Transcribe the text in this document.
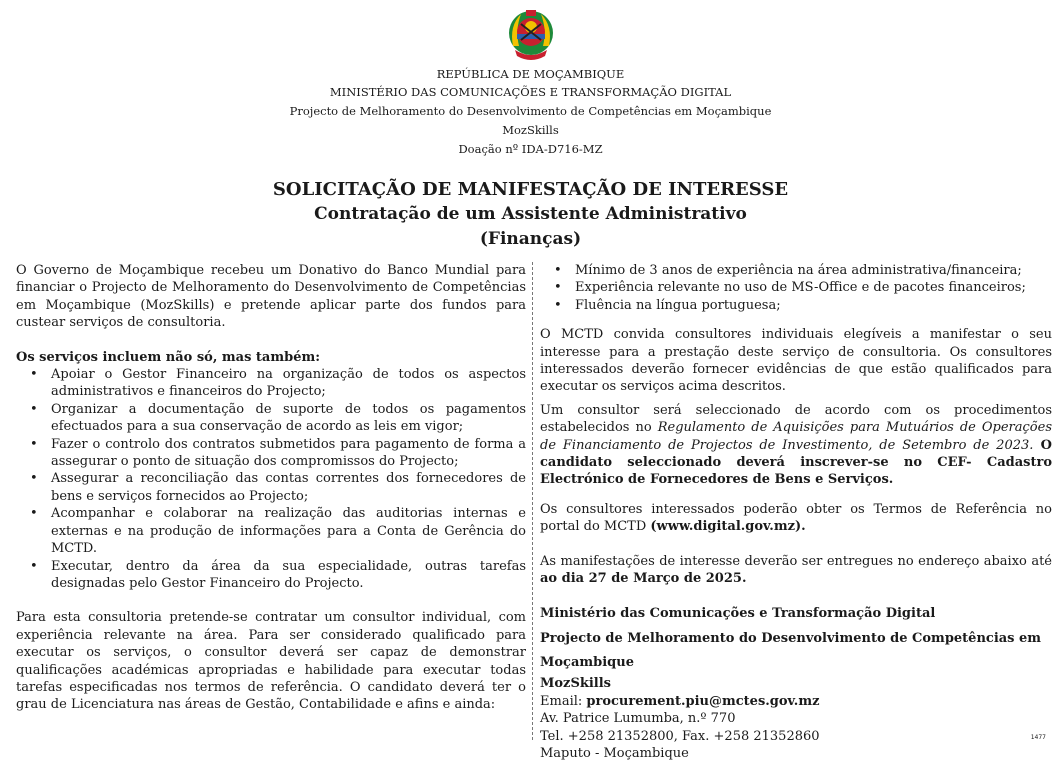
REPÚBLICA DE MOÇAMBIQUE
MINISTÉRIO DAS COMUNICAÇÕES E TRANSFORMAÇÃO DIGITAL
Projecto de Melhoramento do Desenvolvimento de Competências em Moçambique
MozSkills
Doação nº IDA-D716-MZ
SOLICITAÇÃO DE MANIFESTAÇÃO DE INTERESSE
Contratação de um Assistente Administrativo
(Finanças)

O Governo de Moçambique recebeu um Donativo do Banco Mundial para financiar o Projecto de Melhoramento do Desenvolvimento de Competências em Moçambique (MozSkills) e pretende aplicar parte dos fundos para custear serviços de consultoria.

Os serviços incluem não só, mas também:

• Apoiar o Gestor Financeiro na organização de todos os aspectos administrativos e financeiros do Projecto;
• Organizar a documentação de suporte de todos os pagamentos efectuados para a sua conservação de acordo as leis em vigor;
• Fazer o controlo dos contratos submetidos para pagamento de forma a assegurar o ponto de situação dos compromissos do Projecto;
• Assegurar a reconciliação das contas correntes dos fornecedores de bens e serviços fornecidos ao Projecto;
• Acompanhar e colaborar na realização das auditorias internas e externas e na produção de informações para a Conta de Gerência do MCTD.
• Executar, dentro da área da sua especialidade, outras tarefas designadas pelo Gestor Financeiro do Projecto.

Para esta consultoria pretende-se contratar um consultor individual, com experiência relevante na área. Para ser considerado qualificado para executar os serviços, o consultor deverá ser capaz de demonstrar qualificações académicas apropriadas e habilidade para executar todas tarefas especificadas nos termos de referência. O candidato deverá ter o grau de Licenciatura nas áreas de Gestão, Contabilidade e afins e ainda:

• Mínimo de 3 anos de experiência na área administrativa/financeira;
• Experiência relevante no uso de MS-Office e de pacotes financeiros;
• Fluência na língua portuguesa;

O MCTD convida consultores individuais elegíveis a manifestar o seu interesse para a prestação deste serviço de consultoria. Os consultores interessados deverão fornecer evidências de que estão qualificados para executar os serviços acima descritos.

Um consultor será seleccionado de acordo com os procedimentos estabelecidos no Regulamento de Aquisições para Mutuários de Operações de Financiamento de Projectos de Investimento, de Setembro de 2023. O candidato seleccionado deverá inscrever-se no CEF- Cadastro Electrónico de Fornecedores de Bens e Serviços.

Os consultores interessados poderão obter os Termos de Referência no portal do MCTD (www.digital.gov.mz).

As manifestações de interesse deverão ser entregues no endereço abaixo até ao dia 27 de Março de 2025.

Ministério das Comunicações e Transformação Digital
Projecto de Melhoramento do Desenvolvimento de Competências em Moçambique
MozSkills
Email: procurement.piu@mctes.gov.mz
Av. Patrice Lumumba, n.º 770
Tel. +258 21352800, Fax. +258 21352860
Maputo - Moçambique
1477
